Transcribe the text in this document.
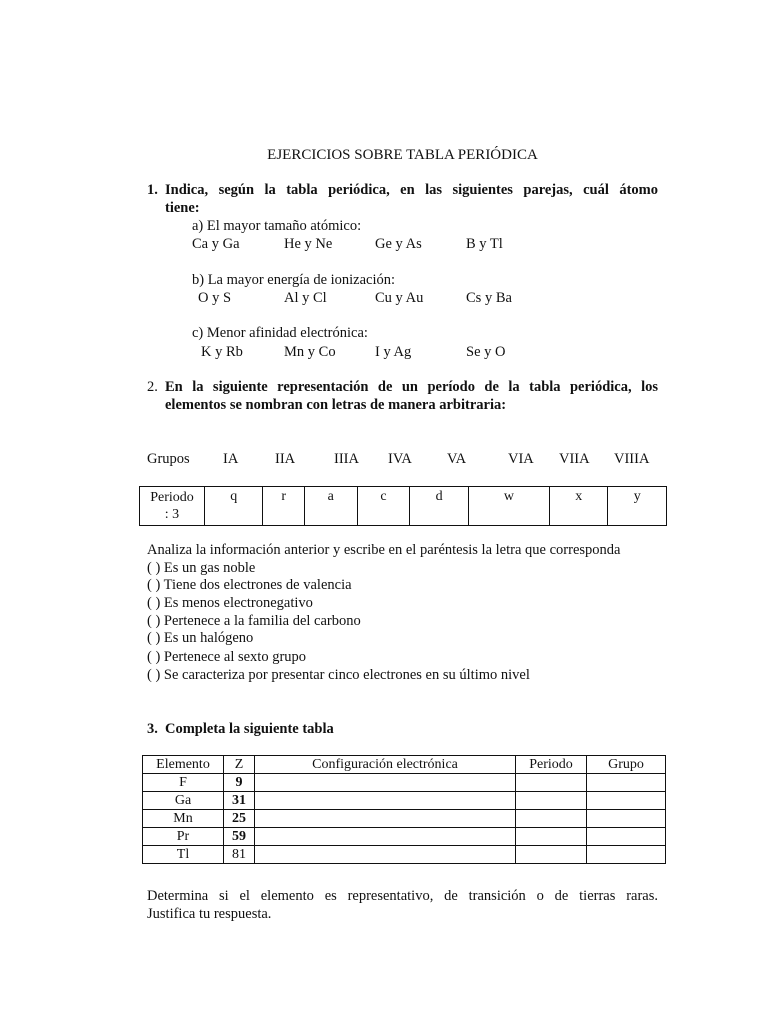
EJERCICIOS SOBRE TABLA PERIÓDICA
1. Indica, según la tabla periódica, en las siguientes parejas, cuál átomo
tiene:
a) El mayor tamaño atómico:
Ca y Ga	He y Ne	Ge y As	B y Tl
b) La mayor energía de ionización:
O y S	Al y Cl	Cu y Au	Cs y Ba
c) Menor afinidad electrónica:
K y Rb	Mn y Co	I y Ag	Se y O
2. En la siguiente representación de un período de la tabla periódica, los
elementos se nombran con letras de manera arbitraria:
Grupos IA	IIA	IIIA IVA VA	VIA VIIA VIIIA
Periodo
: 3	q	r	a	c	d	w	x	y
Analiza la información anterior y escribe en el paréntesis la letra que corresponda
( ) Es un gas noble
( ) Tiene dos electrones de valencia
( ) Es menos electronegativo
( ) Pertenece a la familia del carbono
( ) Es un halógeno
( ) Pertenece al sexto grupo
( ) Se caracteriza por presentar cinco electrones en su último nivel
3. Completa la siguiente tabla
Elemento	Z	Configuración electrónica	Periodo	Grupo
F	9			
Ga	31			
Mn	25			
Pr	59			
Tl	81			
Determina si el elemento es representativo, de transición o de tierras raras.
Justifica tu respuesta.
